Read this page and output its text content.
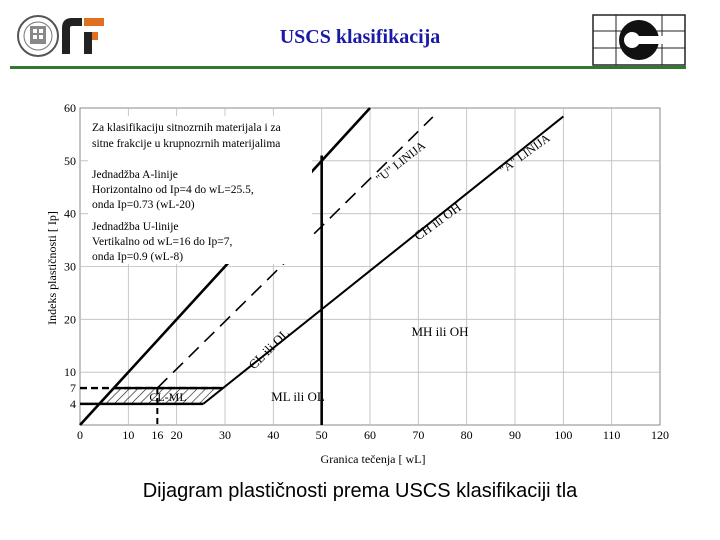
USCS klasifikacija
0	10	20	30	40	50	60	70	80	90	100	110	120
10
20
30
40
50
60
16
4
7
Granica tečenja [ wL]
Indeks plastičnosti [ Ip]
CL ili OL
CH ili OH
MH ili OH
ML ili OL
CL-ML
"U" LINIJA	"A" LINIJA
Za klasifikaciju sitnozrnih materijala i za
sitne frakcije u krupnozrnih materijalima
Jednadžba A-linije
Horizontalno od Ip=4 do wL=25.5,
onda Ip=0.73 (wL-20)
Jednadžba U-linije
Vertikalno od wL=16 do Ip=7,
onda Ip=0.9 (wL-8)
Dijagram plastičnosti prema USCS klasifikaciji tla
